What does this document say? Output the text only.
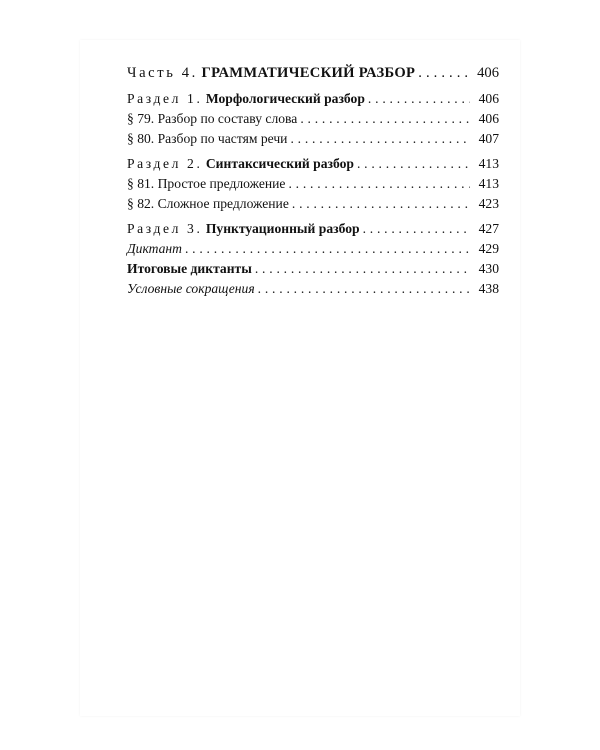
Часть 4. ГРАММАТИЧЕСКИЙ РАЗБОР . . .	406
Раздел 1. Морфологический разбор . . .	406
§ 79. Разбор по составу слова . . .	406
§ 80. Разбор по частям речи . . .	407
Раздел 2. Синтаксический разбор . . .	413
§ 81. Простое предложение . . .	413
§ 82. Сложное предложение . . .	423
Раздел 3. Пунктуационный разбор . . .	427
Диктант . . .	429
Итоговые диктанты . . .	430
Условные сокращения . . .	438
